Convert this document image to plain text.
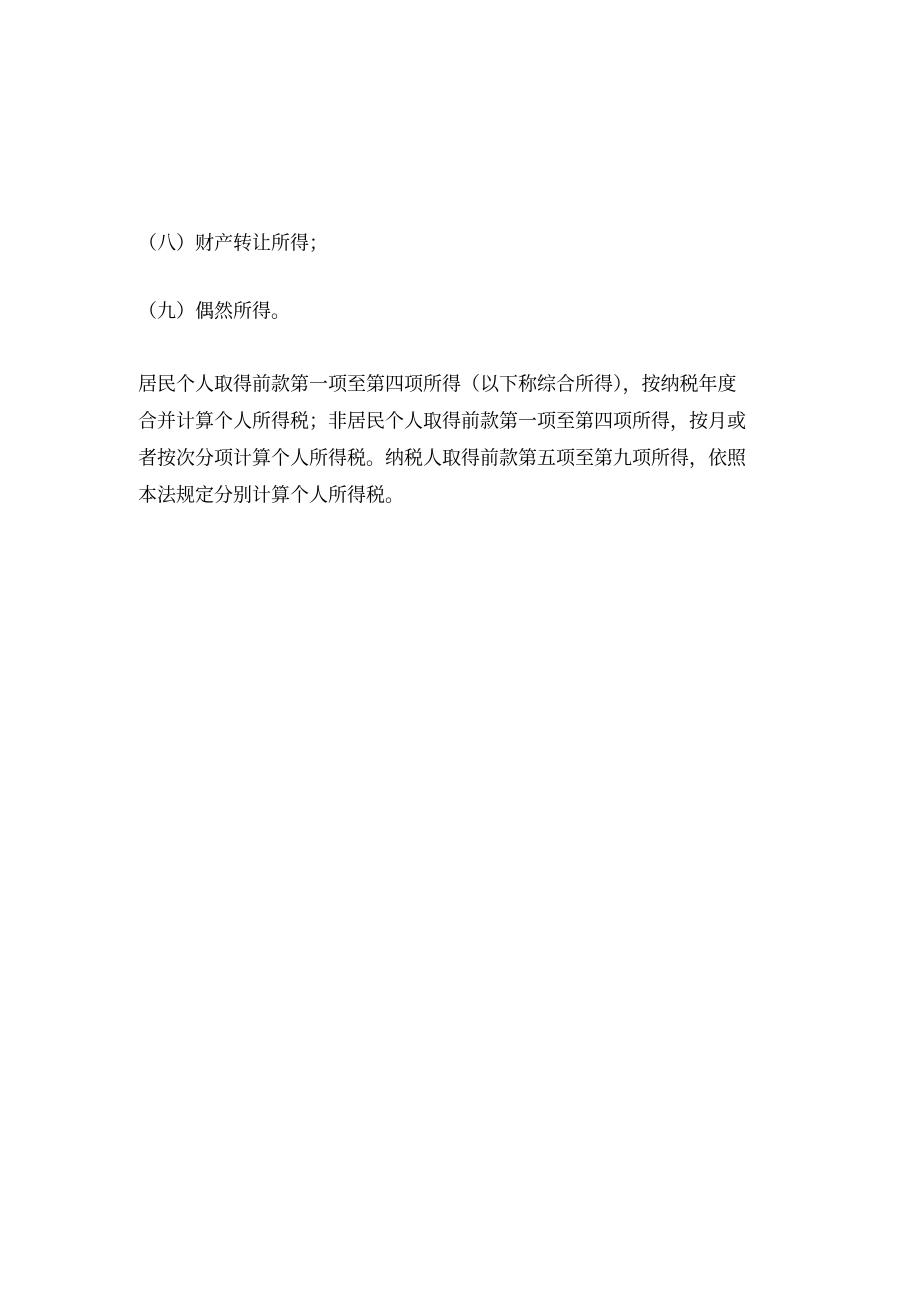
（八）财产转让所得；
（九）偶然所得。
居民个人取得前款第一项至第四项所得（以下称综合所得），按纳税年度
合并计算个人所得税；非居民个人取得前款第一项至第四项所得，按月或
者按次分项计算个人所得税。纳税人取得前款第五项至第九项所得，依照
本法规定分别计算个人所得税。
